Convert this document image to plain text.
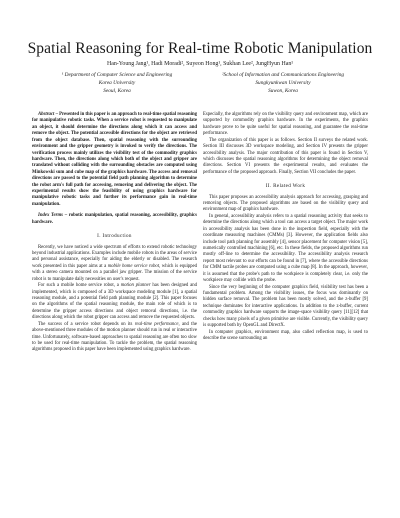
Spatial Reasoning for Real-time Robotic Manipulation
Han-Young Jang¹, Hadi Moradi², Suyeon Hong¹, Sukhan Lee², JungHyun Han¹
¹ Department of Computer Science and Engineering
Korea University
Seoul, Korea
²School of Information and Communications Engineering
Sungkyunkwan University
Suwon, Korea

Abstract – Presented in this paper is an approach to real-time spatial reasoning for manipulative robotic tasks. When a service robot is requested to manipulate an object, it should determine the directions along which it can access and remove the object. The potential accessible directions for the object are retrieved from the object database. Then, spatial reasoning with the surrounding environment and the gripper geometry is invoked to verify the directions. The verification process mainly utilizes the visibility test of the commodity graphics hardware. Then, the directions along which both of the object and gripper are translated without colliding with the surrounding obstacles are computed using Minkowski sum and cube map of the graphics hardware. The access and removal directions are passed to the potential field path planning algorithm to determine the robot arm's full path for accessing, removing and delivering the object. The experimental results show the feasibility of using graphics hardware for manipulative robotic tasks and further its performance gain in real-time manipulation.

Index Terms – robotic manipulation, spatial reasoning, accessibility, graphics hardware.

I. Introduction

Recently, we have noticed a wide spectrum of efforts to extend robotic technology beyond industrial applications. Examples include mobile robots in the areas of service and personal assistance, especially for aiding the elderly or disabled. The research work presented in this paper aims at a mobile home service robot, which is equipped with a stereo camera mounted on a parallel jaw gripper. The mission of the service robot is to manipulate daily necessities on user's request.

For such a mobile home service robot, a motion planner has been designed and implemented, which is composed of a 3D workspace modeling module [1], a spatial reasoning module, and a potential field path planning module [2]. This paper focuses on the algorithms of the spatial reasoning module, the main role of which is to determine the gripper access directions and object removal directions, i.e. the directions along which the robot gripper can access and remove the requested objects.

The success of a service robot depends on its real-time performance, and the above-mentioned three modules of the motion planner should run in real or interactive time. Unfortunately, software-based approaches to spatial reasoning are often too slow to be used for real-time manipulation. To tackle the problem, the spatial reasoning algorithms proposed in this paper have been implemented using graphics hardware.

Especially, the algorithms rely on the visibility query and environment map, which are supported by commodity graphics hardware. In the experiments, the graphics hardware prove to be quite useful for spatial reasoning, and guarantee the real-time performance.

The organization of this paper is as follows. Section II surveys the related work. Section III discusses 3D workspace modeling, and Section IV presents the gripper accessibility analysis. The major contribution of this paper is found in Section V, which discusses the spatial reasoning algorithms for determining the object removal directions. Section VI presents the experimental results, and evaluates the performance of the proposed approach. Finally, Section VII concludes the paper.

II. Related Work

This paper proposes an accessibility analysis approach for accessing, grasping and removing objects. The proposed algorithms are based on the visibility query and environment map of graphics hardware.

In general, accessibility analysis refers to a spatial reasoning activity that seeks to determine the directions along which a tool can access a target object. The major work in accessibility analysis has been done in the inspection field, especially with the coordinate measuring machines (CMMs) [3]. However, the application fields also include tool path planning for assembly [4], sensor placement for computer vision [5], numerically controlled machining [6], etc. In these fields, the proposed algorithms run mostly off-line to determine the accessibility. The accessibility analysis research report most relevant to our efforts can be found in [7], where the accessible directions for CMM tactile probes are computed using a cube map [8]. In the approach, however, it is assumed that the probe's path to the workpiece is completely clear, i.e. only the workpiece may collide with the probe.

Since the very beginning of the computer graphics field, visibility test has been a fundamental problem. Among the visibility issues, the focus was dominantly on hidden surface removal. The problem has been mostly solved, and the z-buffer [9] technique dominates for interactive applications. In addition to the z-buffer, current commodity graphics hardware supports the image-space visibility query [11][12] that checks how many pixels of a given primitive are visible. Currently, the visibility query is supported both by OpenGL and DirectX.

In computer graphics, environment map, also called reflection map, is used to describe the scene surrounding an
